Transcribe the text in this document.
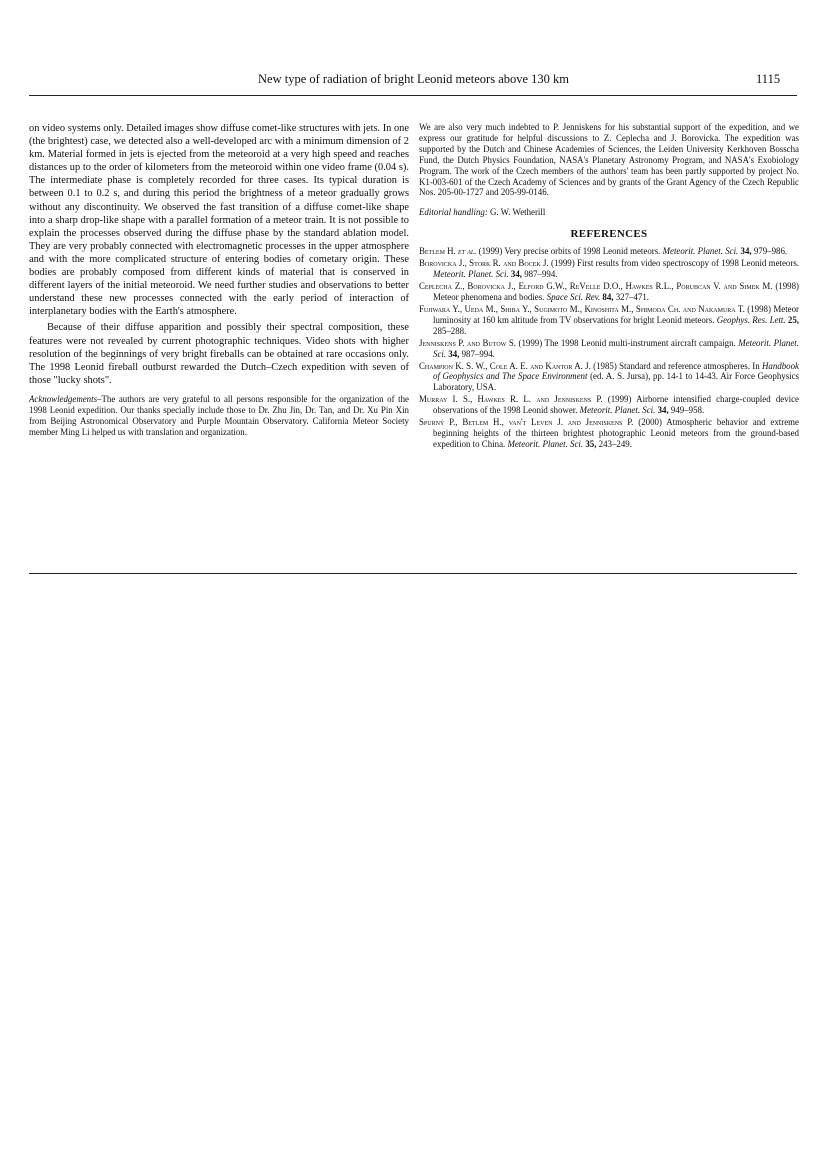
New type of radiation of bright Leonid meteors above 130 km	1115

on video systems only. Detailed images show diffuse comet-like structures with jets. In one (the brightest) case, we detected also a well-developed arc with a minimum dimension of 2 km. Material formed in jets is ejected from the meteoroid at a very high speed and reaches distances up to the order of kilometers from the meteoroid within one video frame (0.04 s). The intermediate phase is completely recorded for three cases. Its typical duration is between 0.1 to 0.2 s, and during this period the brightness of a meteor gradually grows without any discontinuity. We observed the fast transition of a diffuse comet-like shape into a sharp drop-like shape with a parallel formation of a meteor train. It is not possible to explain the processes observed during the diffuse phase by the standard ablation model. They are very probably connected with electromagnetic processes in the upper atmosphere and with the more complicated structure of entering bodies of cometary origin. These bodies are probably composed from different kinds of material that is conserved in different layers of the initial meteoroid. We need further studies and observations to better understand these new processes connected with the early period of interaction of interplanetary bodies with the Earth's atmosphere.

Because of their diffuse apparition and possibly their spectral composition, these features were not revealed by current photographic techniques. Video shots with higher resolution of the beginnings of very bright fireballs can be obtained at rare occasions only. The 1998 Leonid fireball outburst rewarded the Dutch–Czech expedition with seven of those "lucky shots".

Acknowledgements–The authors are very grateful to all persons responsible for the organization of the 1998 Leonid expedition. Our thanks specially include those to Dr. Zhu Jin, Dr. Tan, and Dr. Xu Pin Xin from Beijing Astronomical Observatory and Purple Mountain Observatory. California Meteor Society member Ming Li helped us with translation and organization.

We are also very much indebted to P. Jenniskens for his substantial support of the expedition, and we express our gratitude for helpful discussions to Z. Ceplecha and J. Borovicka. The expedition was supported by the Dutch and Chinese Academies of Sciences, the Leiden University Kerkhoven Bosscha Fund, the Dutch Physics Foundation, NASA's Planetary Astronomy Program, and NASA's Exobiology Program. The work of the Czech members of the authors' team has been partly supported by project No. K1-003-601 of the Czech Academy of Sciences and by grants of the Grant Agency of the Czech Republic Nos. 205-00-1727 and 205-99-0146.

Editorial handling: G. W. Wetherill

REFERENCES
Betlem H. et al. (1999) Very precise orbits of 1998 Leonid meteors. Meteorit. Planet. Sci. 34, 979–986.
Borovicka J., Stork R. and Bocek J. (1999) First results from video spectroscopy of 1998 Leonid meteors. Meteorit. Planet. Sci. 34, 987–994.
Ceplecha Z., Borovicka J., Elford G.W., ReVelle D.O., Hawkes R.L., Porubcan V. and Simek M. (1998) Meteor phenomena and bodies. Space Sci. Rev. 84, 327–471.
Fujiwara Y., Ueda M., Shiba Y., Sugimoto M., Kinoshita M., Shimoda Ch. and Nakamura T. (1998) Meteor luminosity at 160 km altitude from TV observations for bright Leonid meteors. Geophys. Res. Lett. 25, 285–288.
Jenniskens P. and Butow S. (1999) The 1998 Leonid multi-instrument aircraft campaign. Meteorit. Planet. Sci. 34, 987–994.
Champion K. S. W., Cole A. E. and Kantor A. J. (1985) Standard and reference atmospheres. In Handbook of Geophysics and The Space Environment (ed. A. S. Jursa), pp. 14-1 to 14-43. Air Force Geophysics Laboratory, USA.
Murray I. S., Hawkes R. L. and Jenniskens P. (1999) Airborne intensified charge-coupled device observations of the 1998 Leonid shower. Meteorit. Planet. Sci. 34, 949–958.
Spurný P., Betlem H., van't Leven J. and Jenniskens P. (2000) Atmospheric behavior and extreme beginning heights of the thirteen brightest photographic Leonid meteors from the ground-based expedition to China. Meteorit. Planet. Sci. 35, 243–249.
